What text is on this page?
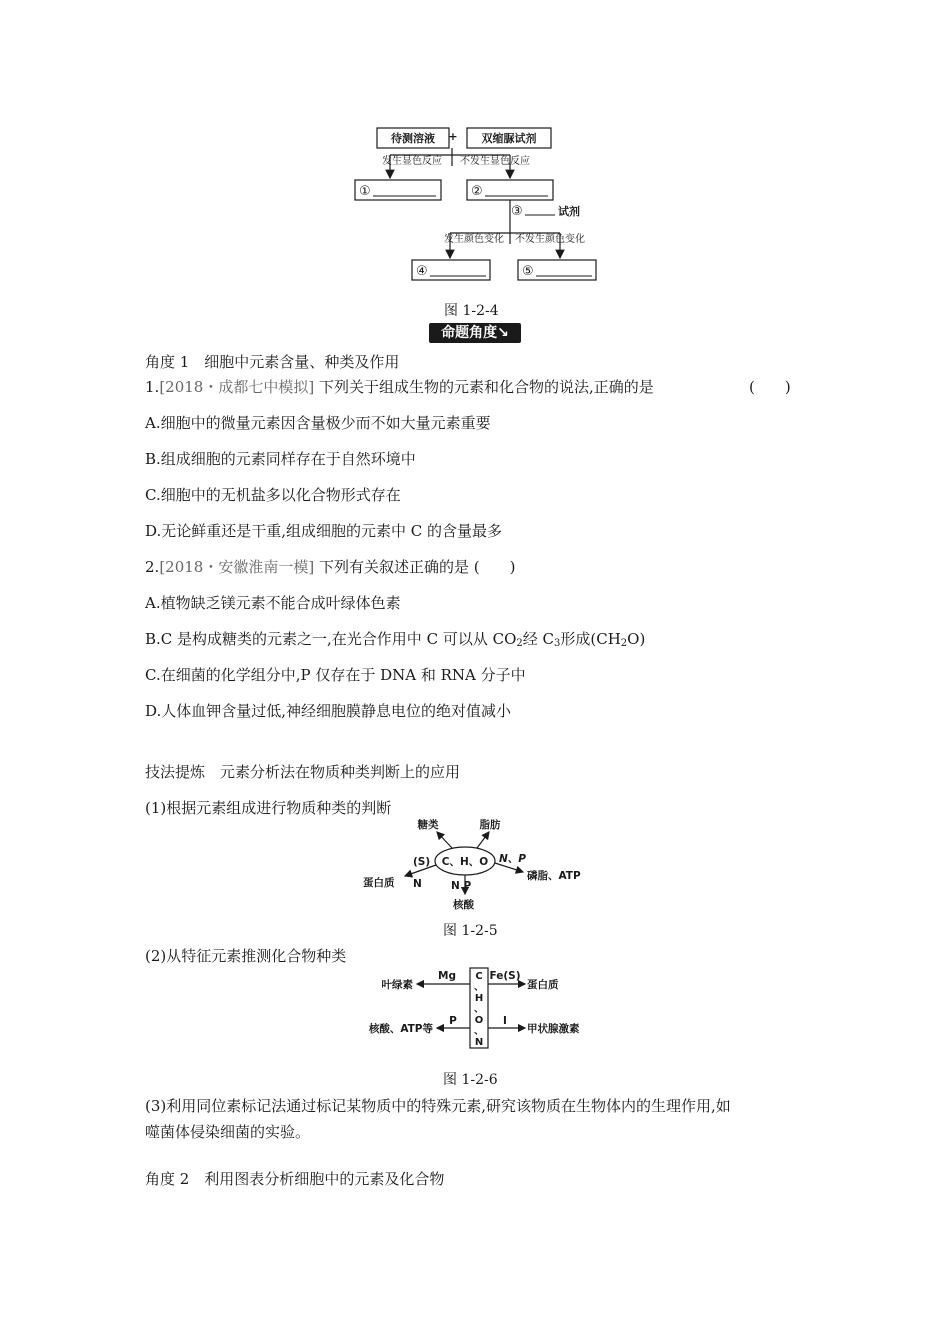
待测溶液 + 双缩脲试剂
发生显色反应 不发生显色反应
发生颜色变化 不发生颜色变化
①	②
③
④	⑤
试剂
图 1-2-4
命题角度↘
角度 1　细胞中元素含量、种类及作用
1.[2018・成都七中模拟] 下列关于组成生物的元素和化合物的说法,正确的是	(　　)
A.细胞中的微量元素因含量极少而不如大量元素重要
B.组成细胞的元素同样存在于自然环境中
C.细胞中的无机盐多以化合物形式存在
D.无论鲜重还是干重,组成细胞的元素中 C 的含量最多
2.[2018・安徽淮南一模] 下列有关叙述正确的是 (　　)
A.植物缺乏镁元素不能合成叶绿体色素
B.C 是构成糖类的元素之一,在光合作用中 C 可以从 $CO_2$经 $C_3$形成$(CH_2O)$
C.在细菌的化学组分中,P 仅存在于 DNA 和 RNA 分子中
D.人体血钾含量过低,神经细胞膜静息电位的绝对值减小
技法提炼　元素分析法在物质种类判断上的应用
(1)根据元素组成进行物质种类的判断
C、H、O
糖类	脂肪
(S)
N
蛋白质
N、P
磷脂、ATP
N P
核酸
图 1-2-5
(2)从特征元素推测化合物种类
C
、
H
、
O
、
N
Mg
叶绿素
Fe(S)
蛋白质
P
核酸、ATP等
I
甲状腺激素
图 1-2-6
(3)利用同位素标记法通过标记某物质中的特殊元素,研究该物质在生物体内的生理作用,如
噬菌体侵染细菌的实验。
角度 2　利用图表分析细胞中的元素及化合物
